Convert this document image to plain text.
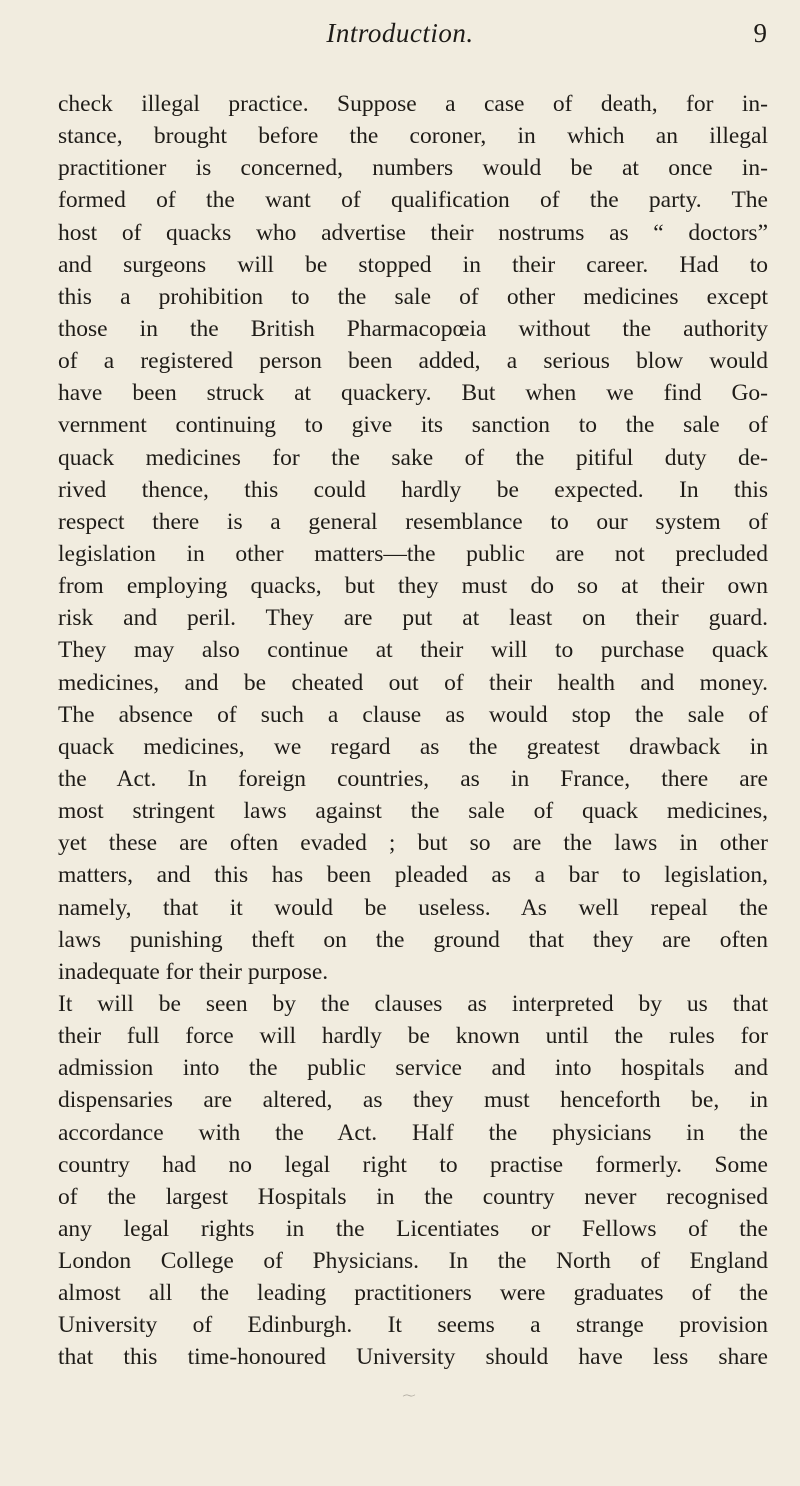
Introduction.	9
check illegal practice. Suppose a case of death, for in-
stance, brought before the coroner, in which an illegal
practitioner is concerned, numbers would be at once in-
formed of the want of qualification of the party. The
host of quacks who advertise their nostrums as “ doctors”
and surgeons will be stopped in their career. Had to
this a prohibition to the sale of other medicines except
those in the British Pharmacopœia without the authority
of a registered person been added, a serious blow would
have been struck at quackery. But when we find Go-
vernment continuing to give its sanction to the sale of
quack medicines for the sake of the pitiful duty de-
rived thence, this could hardly be expected. In this
respect there is a general resemblance to our system of
legislation in other matters—the public are not precluded
from employing quacks, but they must do so at their own
risk and peril. They are put at least on their guard.
They may also continue at their will to purchase quack
medicines, and be cheated out of their health and money.
The absence of such a clause as would stop the sale of
quack medicines, we regard as the greatest drawback in
the Act. In foreign countries, as in France, there are
most stringent laws against the sale of quack medicines,
yet these are often evaded ; but so are the laws in other
matters, and this has been pleaded as a bar to legislation,
namely, that it would be useless. As well repeal the
laws punishing theft on the ground that they are often
inadequate for their purpose.
It will be seen by the clauses as interpreted by us that
their full force will hardly be known until the rules for
admission into the public service and into hospitals and
dispensaries are altered, as they must henceforth be, in
accordance with the Act. Half the physicians in the
country had no legal right to practise formerly. Some
of the largest Hospitals in the country never recognised
any legal rights in the Licentiates or Fellows of the
London College of Physicians. In the North of England
almost all the leading practitioners were graduates of the
University of Edinburgh. It seems a strange provision
that this time-honoured University should have less share
